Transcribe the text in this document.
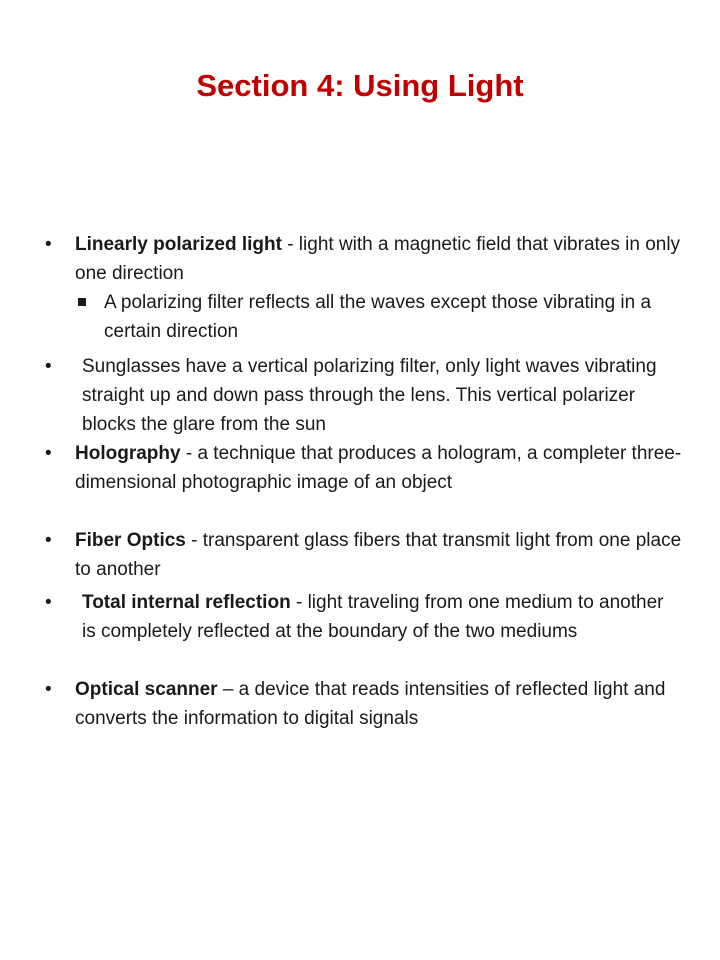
Section 4: Using Light
•	Linearly polarized light - light with a magnetic field that vibrates in only one direction
A polarizing filter reflects all the waves except those vibrating in a certain direction
•	Sunglasses have a vertical polarizing filter, only light waves vibrating straight up and down pass through the lens. This vertical polarizer blocks the glare from the sun
•	Holography - a technique that produces a hologram, a completer three-dimensional photographic image of an object
•	Fiber Optics - transparent glass fibers that transmit light from one place to another
•	Total internal reflection - light traveling from one medium to another is completely reflected at the boundary of the two mediums
•	Optical scanner – a device that reads intensities of reflected light and converts the information to digital signals
